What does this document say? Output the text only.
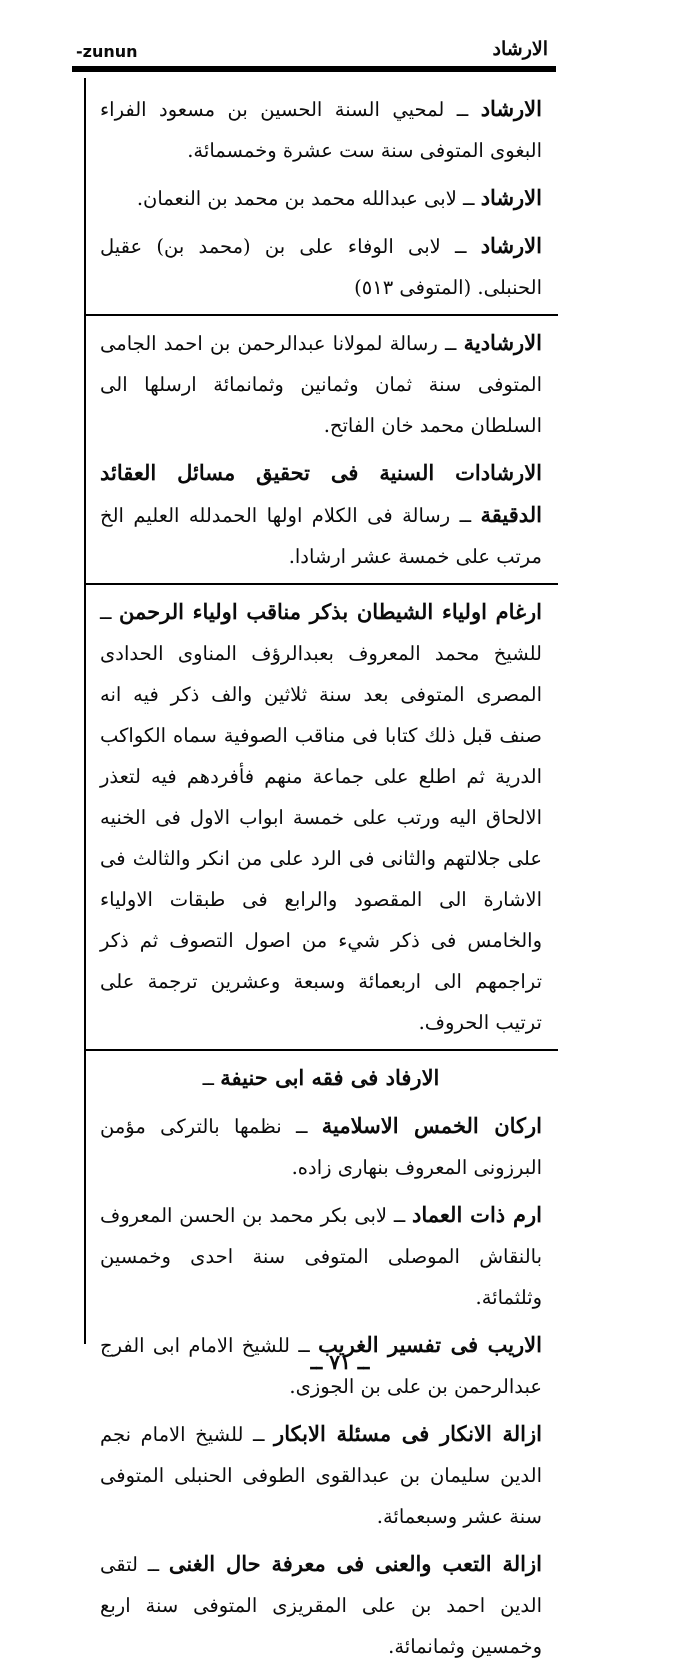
-zunun	الارشاد
الارشاد ــ لمحيي السنة الحسين بن مسعود الفراء البغوى المتوفى سنة ست عشرة وخمسمائة.
الارشاد ــ لابى عبدالله محمد بن محمد بن النعمان.
الارشاد ــ لابى الوفاء على بن (محمد بن) عقيل الحنبلى. (المتوفى ٥١٣)
الارشادية ــ رسالة لمولانا عبدالرحمن بن احمد الجامى المتوفى سنة ثمان وثمانين وثمانمائة ارسلها الى السلطان محمد خان الفاتح.
الارشادات السنية فى تحقيق مسائل العقائد الدقيقة ــ رسالة فى الكلام اولها الحمدلله العليم الخ مرتب على خمسة عشر ارشادا.
ارغام اولياء الشيطان بذكر مناقب اولياء الرحمن ــ للشيخ محمد المعروف بعبدالرؤف المناوى الحدادى المصرى المتوفى بعد سنة ثلاثين والف ذكر فيه انه صنف قبل ذلك كتابا فى مناقب الصوفية سماه الكواكب الدرية ثم اطلع على جماعة منهم فأفردهم فيه لتعذر الالحاق اليه ورتب على خمسة ابواب الاول فى الخنيه على جلالتهم والثانى فى الرد على من انكر والثالث فى الاشارة الى المقصود والرابع فى طبقات الاولياء والخامس فى ذكر شيء من اصول التصوف ثم ذكر تراجمهم الى اربعمائة وسبعة وعشرين ترجمة على ترتيب الحروف.
الارفاد فى فقه ابى حنيفة ــ
اركان الخمس الاسلامية ــ نظمها بالتركى مؤمن البرزونى المعروف بنهارى زاده.
ارم ذات العماد ــ لابى بكر محمد بن الحسن المعروف بالنقاش الموصلى المتوفى سنة احدى وخمسين وثلثمائة.
الاريب فى تفسير الغريب ــ للشيخ الامام ابى الفرج عبدالرحمن بن على بن الجوزى.
ازالة الانكار فى مسئلة الابكار ــ للشيخ الامام نجم الدين سليمان بن عبدالقوى الطوفى الحنبلى المتوفى سنة عشر وسبعمائة.
ازالة التعب والعنى فى معرفة حال الغنى ــ لتقى الدين احمد بن على المقريزى المتوفى سنة اربع وخمسين وثمانمائة.
ــ ٧١ ــ
